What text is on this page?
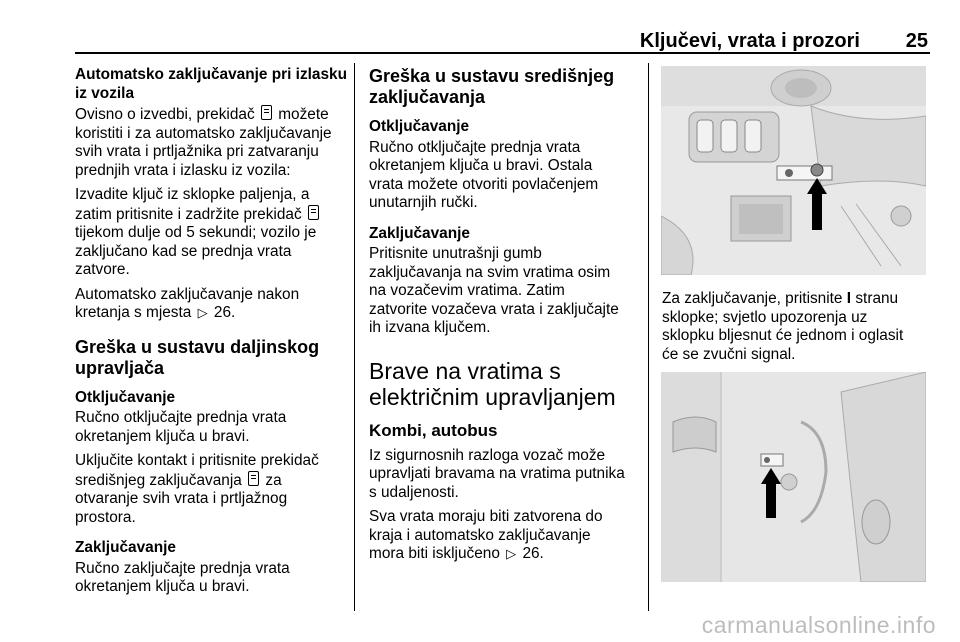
Ključevi, vrata i prozori	25
Automatsko zaključavanje pri izlasku
iz vozila

Ovisno o izvedbi, prekidač možete
koristiti i za automatsko zaključavanje
svih vrata i prtljažnika pri zatvaranju
prednjih vrata i izlasku iz vozila:

Izvadite ključ iz sklopke paljenja, a
zatim pritisnite i zadržite prekidač
tijekom dulje od 5 sekundi; vozilo je
zaključano kad se prednja vrata
zatvore.

Automatsko zaključavanje nakon
kretanja s mjesta ▷ 26.

Greška u sustavu daljinskog
upravljača
Otključavanje

Ručno otključajte prednja vrata
okretanjem ključa u bravi.

Uključite kontakt i pritisnite prekidač
središnjeg zaključavanja za
otvaranje svih vrata i prtljažnog
prostora.

Zaključavanje

Ručno zaključajte prednja vrata
okretanjem ključa u bravi.

Greška u sustavu središnjeg
zaključavanja
Otključavanje

Ručno otključajte prednja vrata
okretanjem ključa u bravi. Ostala
vrata možete otvoriti povlačenjem
unutarnjih ručki.

Zaključavanje

Pritisnite unutrašnji gumb
zaključavanja na svim vratima osim
na vozačevim vratima. Zatim
zatvorite vozačeva vrata i zaključajte
ih izvana ključem.

Brave na vratima s
električnim upravljanjem
Kombi, autobus

Iz sigurnosnih razloga vozač može
upravljati bravama na vratima putnika
s udaljenosti.

Sva vrata moraju biti zatvorena do
kraja i automatsko zaključavanje
mora biti isključeno ▷ 26.

Za zaključavanje, pritisnite I stranu
sklopke; svjetlo upozorenja uz
sklopku bljesnut će jednom i oglasit
će se zvučni signal.

carmanualsonline.info
